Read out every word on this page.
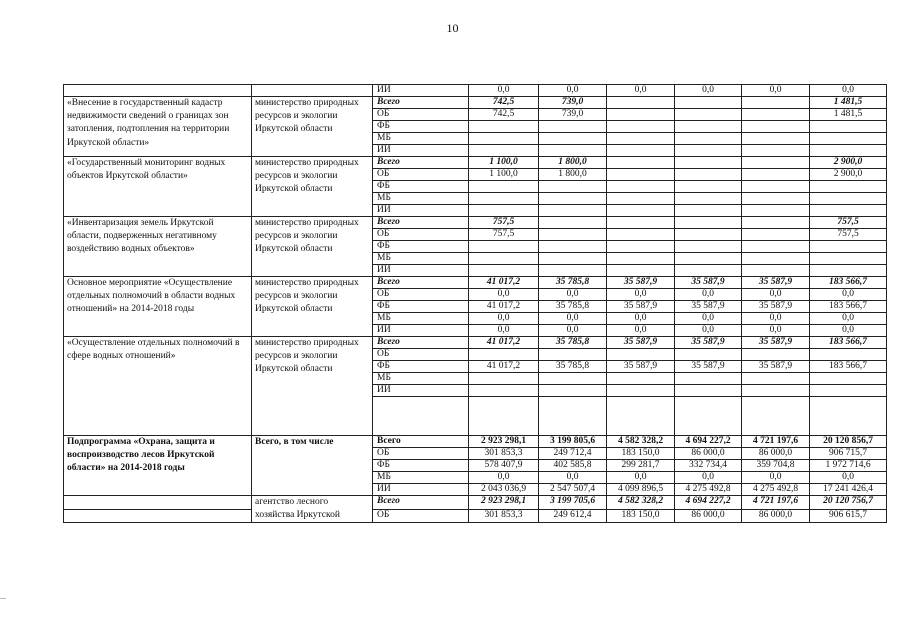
10
		ИИ	0,0	0,0	0,0	0,0	0,0	0,0	
«Внесение в государственный кадастр недвижимости сведений о границах зон затопления, подтопления на территории Иркутской области»	министерство природных ресурсов и экологии Иркутской области	Всего	742,5	739,0				1 481,5	
		ОБ	742,5	739,0				1 481,5	
		ФБ							
		МБ							
		ИИ							
«Государственный мониторинг водных объектов Иркутской области»	министерство природных ресурсов и экологии Иркутской области	Всего	1 100,0	1 800,0				2 900,0	
		ОБ	1 100,0	1 800,0				2 900,0	
		ФБ							
		МБ							
		ИИ							
«Инвентаризация земель Иркутской области, подверженных негативному воздействию водных объектов»	министерство природных ресурсов и экологии Иркутской области	Всего	757,5					757,5	
		ОБ	757,5					757,5	
		ФБ							
		МБ							
		ИИ							
Основное мероприятие «Осуществление отдельных полномочий в области водных отношений» на 2014-2018 годы	министерство природных ресурсов и экологии Иркутской области	Всего	41 017,2	35 785,8	35 587,9	35 587,9	35 587,9	183 566,7	
		ОБ	0,0	0,0	0,0	0,0	0,0	0,0	
		ФБ	41 017,2	35 785,8	35 587,9	35 587,9	35 587,9	183 566,7	
		МБ	0,0	0,0	0,0	0,0	0,0	0,0	
		ИИ	0,0	0,0	0,0	0,0	0,0	0,0	
«Осуществление отдельных полномочий в сфере водных отношений»	министерство природных ресурсов и экологии Иркутской области	Всего	41 017,2	35 785,8	35 587,9	35 587,9	35 587,9	183 566,7	
		ОБ							
		ФБ	41 017,2	35 785,8	35 587,9	35 587,9	35 587,9	183 566,7	
		МБ							
		ИИ							

Подпрограмма «Охрана, защита и воспроизводство лесов Иркутской области» на 2014-2018 годы	Всего, в том числе	Всего	2 923 298,1	3 199 805,6	4 582 328,2	4 694 227,2	4 721 197,6	20 120 856,7	
		ОБ	301 853,3	249 712,4	183 150,0	86 000,0	86 000,0	906 715,7	
		ФБ	578 407,9	402 585,8	299 281,7	332 734,4	359 704,8	1 972 714,6	
		МБ	0,0	0,0	0,0	0,0	0,0	0,0	
		ИИ	2 043 036,9	2 547 507,4	4 099 896,5	4 275 492,8	4 275 492,8	17 241 426,4	
	агентство лесного хозяйства Иркутской	Всего	2 923 298,1	3 199 705,6	4 582 328,2	4 694 227,2	4 721 197,6	20 120 756,7	
		ОБ	301 853,3	249 612,4	183 150,0	86 000,0	86 000,0	906 615,7	
